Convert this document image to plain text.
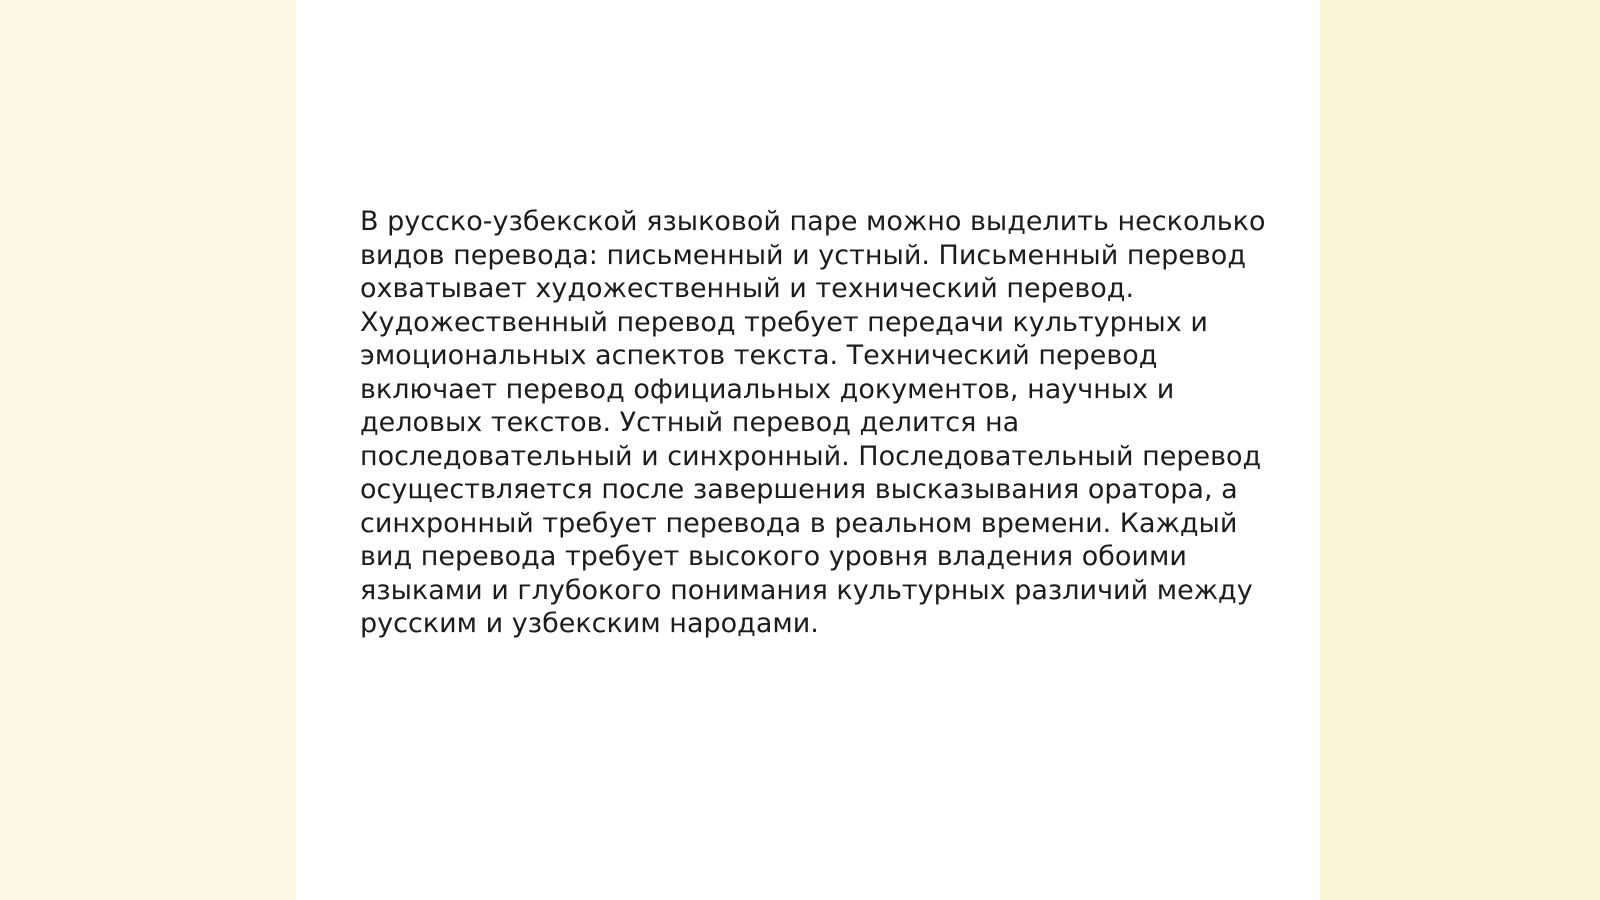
В русско-узбекской языковой паре можно выделить несколько
видов перевода: письменный и устный. Письменный перевод
охватывает художественный и технический перевод.
Художественный перевод требует передачи культурных и
эмоциональных аспектов текста. Технический перевод
включает перевод официальных документов, научных и
деловых текстов. Устный перевод делится на
последовательный и синхронный. Последовательный перевод
осуществляется после завершения высказывания оратора, а
синхронный требует перевода в реальном времени. Каждый
вид перевода требует высокого уровня владения обоими
языками и глубокого понимания культурных различий между
русским и узбекским народами.
